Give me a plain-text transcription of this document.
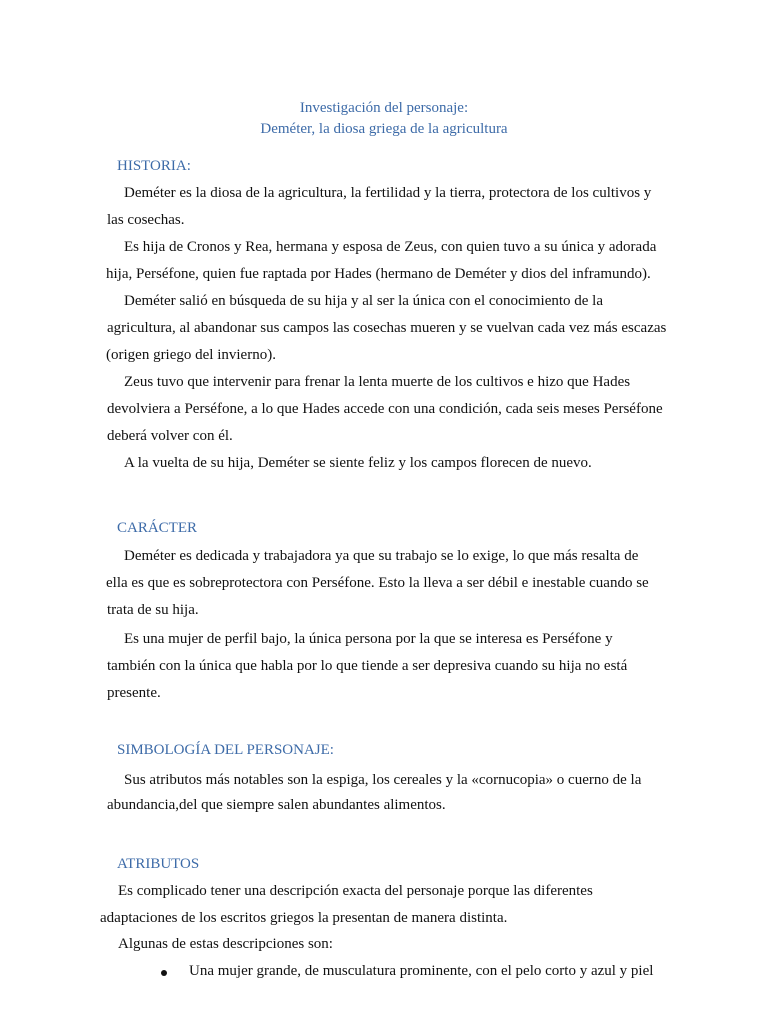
Investigación del personaje:
Deméter, la diosa griega de la agricultura
HISTORIA:
Deméter es la diosa de la agricultura, la fertilidad y la tierra, protectora de los cultivos y
las cosechas.
Es hija de Cronos y Rea, hermana y esposa de Zeus, con quien tuvo a su única y adorada
hija, Perséfone, quien fue raptada por Hades (hermano de Deméter y dios del inframundo).
Deméter salió en búsqueda de su hija y al ser la única con el conocimiento de la
agricultura, al abandonar sus campos las cosechas mueren y se vuelvan cada vez más escazas
(origen griego del invierno).
Zeus tuvo que intervenir para frenar la lenta muerte de los cultivos e hizo que Hades
devolviera a Perséfone, a lo que Hades accede con una condición, cada seis meses Perséfone
deberá volver con él.
A la vuelta de su hija, Deméter se siente feliz y los campos florecen de nuevo.
CARÁCTER
Deméter es dedicada y trabajadora ya que su trabajo se lo exige, lo que más resalta de
ella es que es sobreprotectora con Perséfone. Esto la lleva a ser débil e inestable cuando se
trata de su hija.
Es una mujer de perfil bajo, la única persona por la que se interesa es Perséfone y
también con la única que habla por lo que tiende a ser depresiva cuando su hija no está
presente.
SIMBOLOGÍA DEL PERSONAJE:
Sus atributos más notables son la espiga, los cereales y la «cornucopia» o cuerno de la
abundancia,del que siempre salen abundantes alimentos.
ATRIBUTOS
Es complicado tener una descripción exacta del personaje porque las diferentes
adaptaciones de los escritos griegos la presentan de manera distinta.
Algunas de estas descripciones son:
Una mujer grande, de musculatura prominente, con el pelo corto y azul y piel
